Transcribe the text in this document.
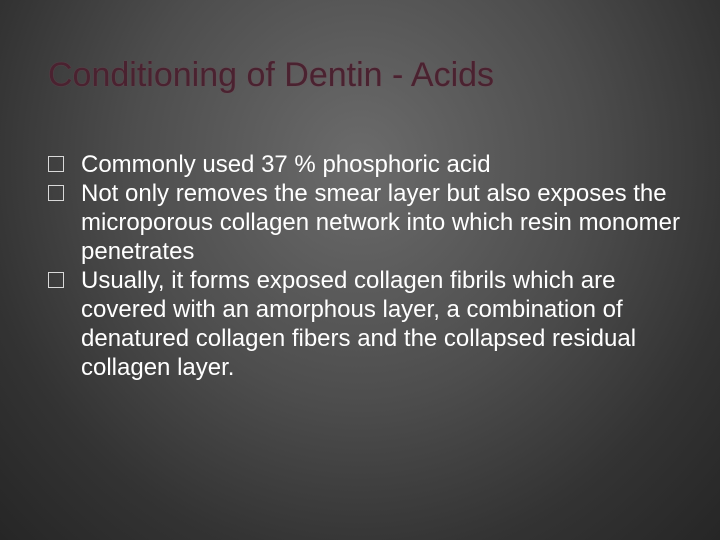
Conditioning of Dentin - Acids
Commonly used 37 % phosphoric acid
Not only removes the smear layer but also exposes the microporous collagen network into which resin monomer penetrates
Usually, it forms exposed collagen fibrils which are covered with an amorphous layer, a combination of denatured collagen fibers and the collapsed residual collagen layer.
